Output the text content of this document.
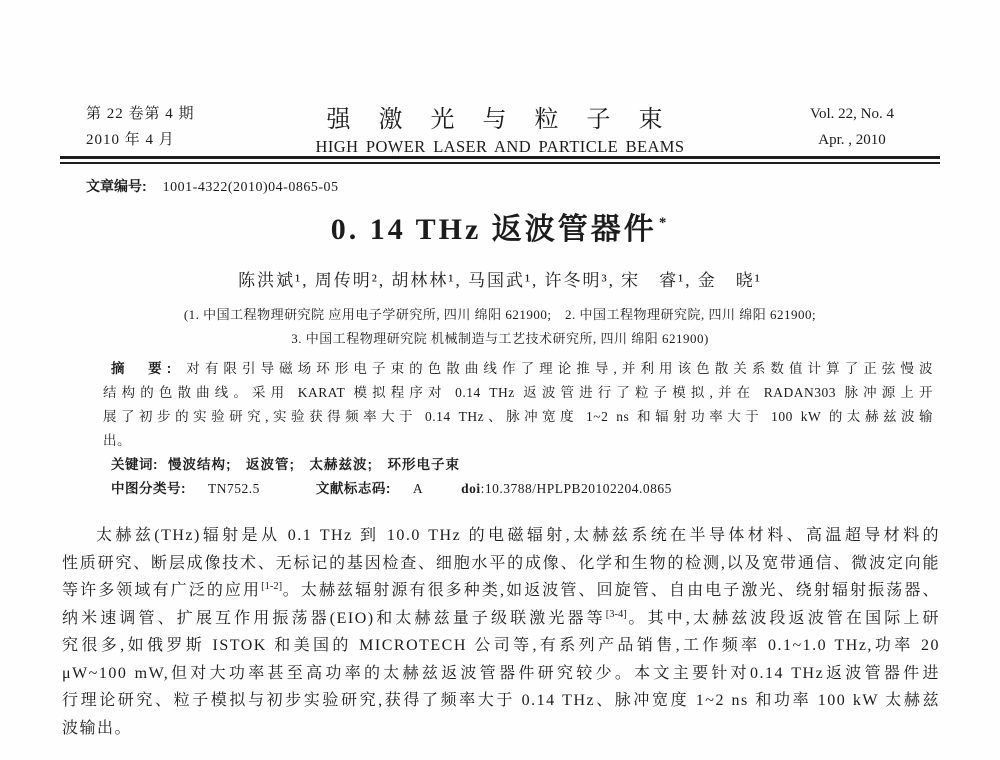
第 22 卷第 4 期
2010 年 4 月
强 激 光 与 粒 子 束
HIGH POWER LASER AND PARTICLE BEAMS
Vol. 22, No. 4
Apr. , 2010
文章编号: 1001-4322(2010)04-0865-05
0. 14 THz 返波管器件 *
陈洪斌¹, 周传明², 胡林林¹, 马国武¹, 许冬明³, 宋　睿¹, 金　晓¹
(1. 中国工程物理研究院 应用电子学研究所, 四川 绵阳 621900;　2. 中国工程物理研究院, 四川 绵阳 621900;
3. 中国工程物理研究院 机械制造与工艺技术研究所, 四川 绵阳 621900)
摘　要: 对有限引导磁场环形电子束的色散曲线作了理论推导,并利用该色散关系数值计算了正弦慢波
结构的色散曲线。采用 KARAT 模拟程序对 0.14 THz 返波管进行了粒子模拟,并在 RADAN303 脉冲源上开
展了初步的实验研究,实验获得频率大于 0.14 THz、脉冲宽度 1~2 ns 和辐射功率大于 100 kW 的太赫兹波输
出。
关键词: 慢波结构;　返波管;　太赫兹波;　环形电子束
中图分类号: TN752.5	文献标志码: A	doi:10.3788/HPLPB20102204.0865
太赫兹(THz)辐射是从 0.1 THz 到 10.0 THz 的电磁辐射,太赫兹系统在半导体材料、高温超导材料的
性质研究、断层成像技术、无标记的基因检查、细胞水平的成像、化学和生物的检测,以及宽带通信、微波定向能
等许多领域有广泛的应用[1-2]。太赫兹辐射源有很多种类,如返波管、回旋管、自由电子激光、绕射辐射振荡器、
纳米速调管、扩展互作用振荡器(EIO)和太赫兹量子级联激光器等[3-4]。其中,太赫兹波段返波管在国际上研
究很多,如俄罗斯 ISTOK 和美国的 MICROTECH 公司等,有系列产品销售,工作频率 0.1~1.0 THz,功率 20
μW~100 mW,但对大功率甚至高功率的太赫兹返波管器件研究较少。本文主要针对0.14 THz返波管器件进
行理论研究、粒子模拟与初步实验研究,获得了频率大于 0.14 THz、脉冲宽度 1~2 ns 和功率 100 kW 太赫兹
波输出。
